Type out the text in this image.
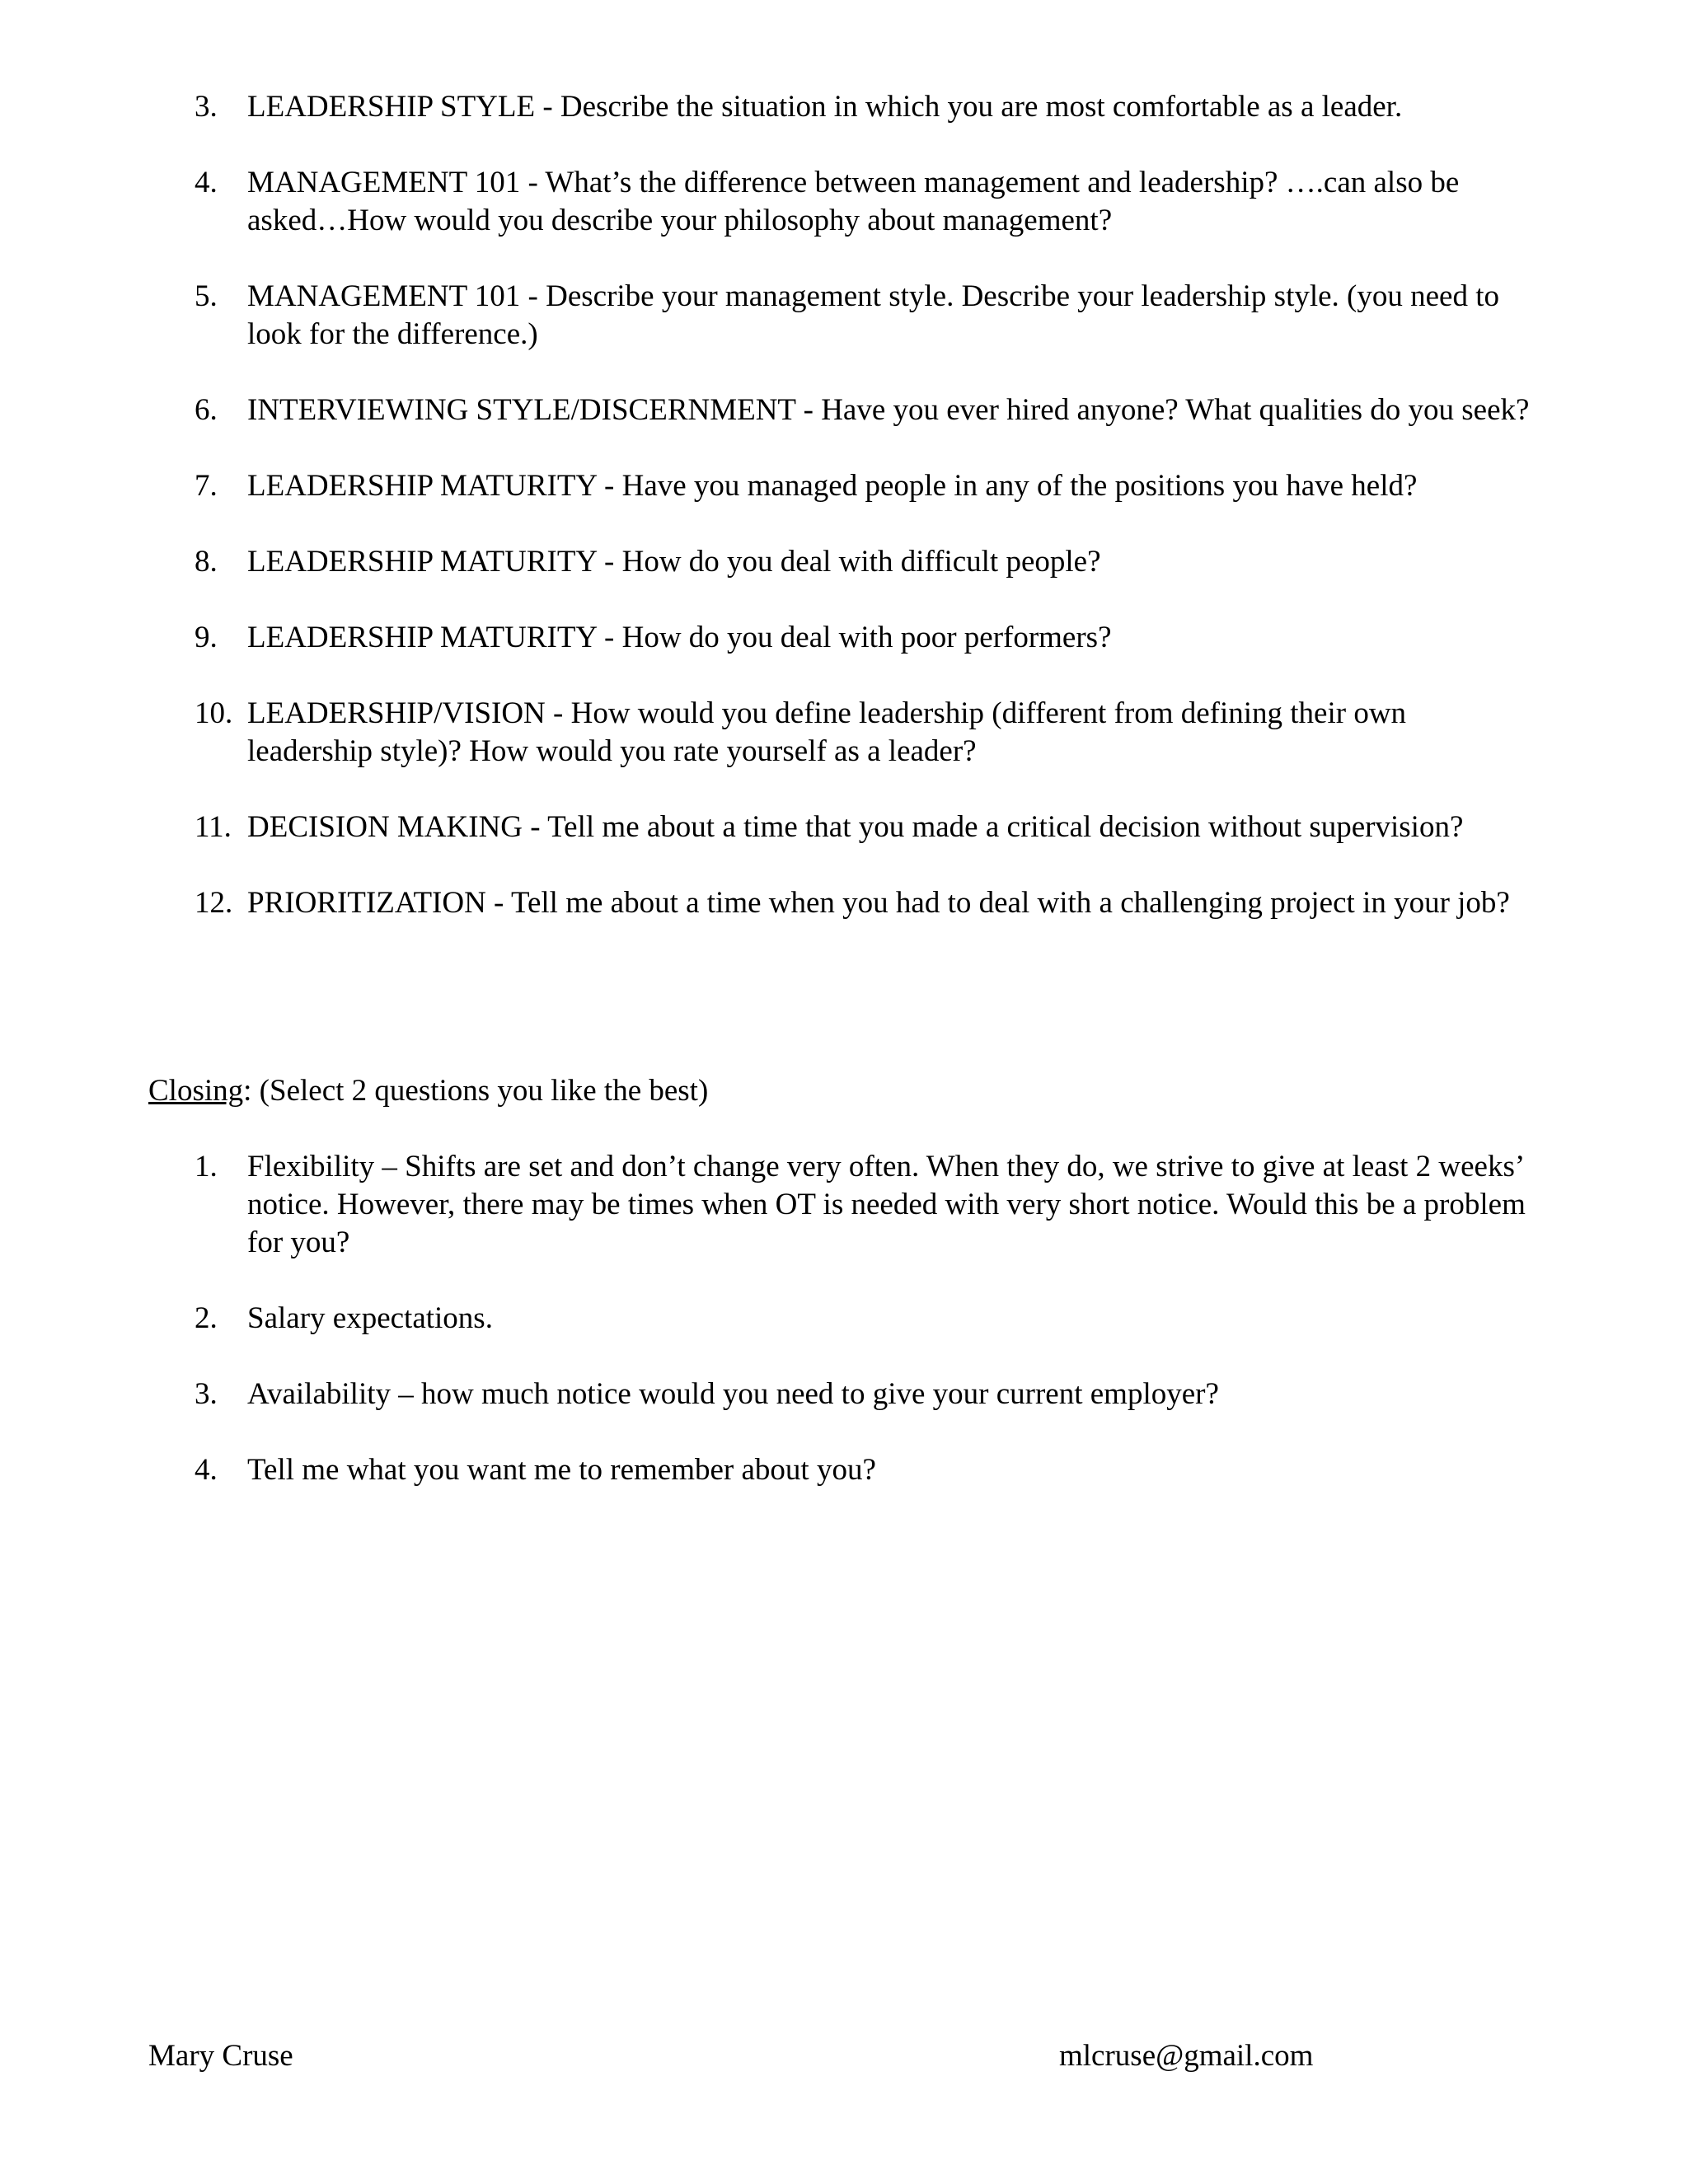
3. LEADERSHIP STYLE - Describe the situation in which you are most comfortable as a leader.
4. MANAGEMENT 101 - What’s the difference between management and leadership? ….can also be asked…How would you describe your philosophy about management?
5. MANAGEMENT 101 - Describe your management style. Describe your leadership style. (you need to look for the difference.)
6. INTERVIEWING STYLE/DISCERNMENT - Have you ever hired anyone? What qualities do you seek?
7. LEADERSHIP MATURITY - Have you managed people in any of the positions you have held?
8. LEADERSHIP MATURITY - How do you deal with difficult people?
9. LEADERSHIP MATURITY - How do you deal with poor performers?
10. LEADERSHIP/VISION - How would you define leadership (different from defining their own leadership style)? How would you rate yourself as a leader?
11. DECISION MAKING - Tell me about a time that you made a critical decision without supervision?
12. PRIORITIZATION - Tell me about a time when you had to deal with a challenging project in your job?
Closing: (Select 2 questions you like the best)
1. Flexibility – Shifts are set and don’t change very often. When they do, we strive to give at least 2 weeks’ notice. However, there may be times when OT is needed with very short notice. Would this be a problem for you?
2. Salary expectations.
3. Availability – how much notice would you need to give your current employer?
4. Tell me what you want me to remember about you?
Mary Cruse	mlcruse@gmail.com
